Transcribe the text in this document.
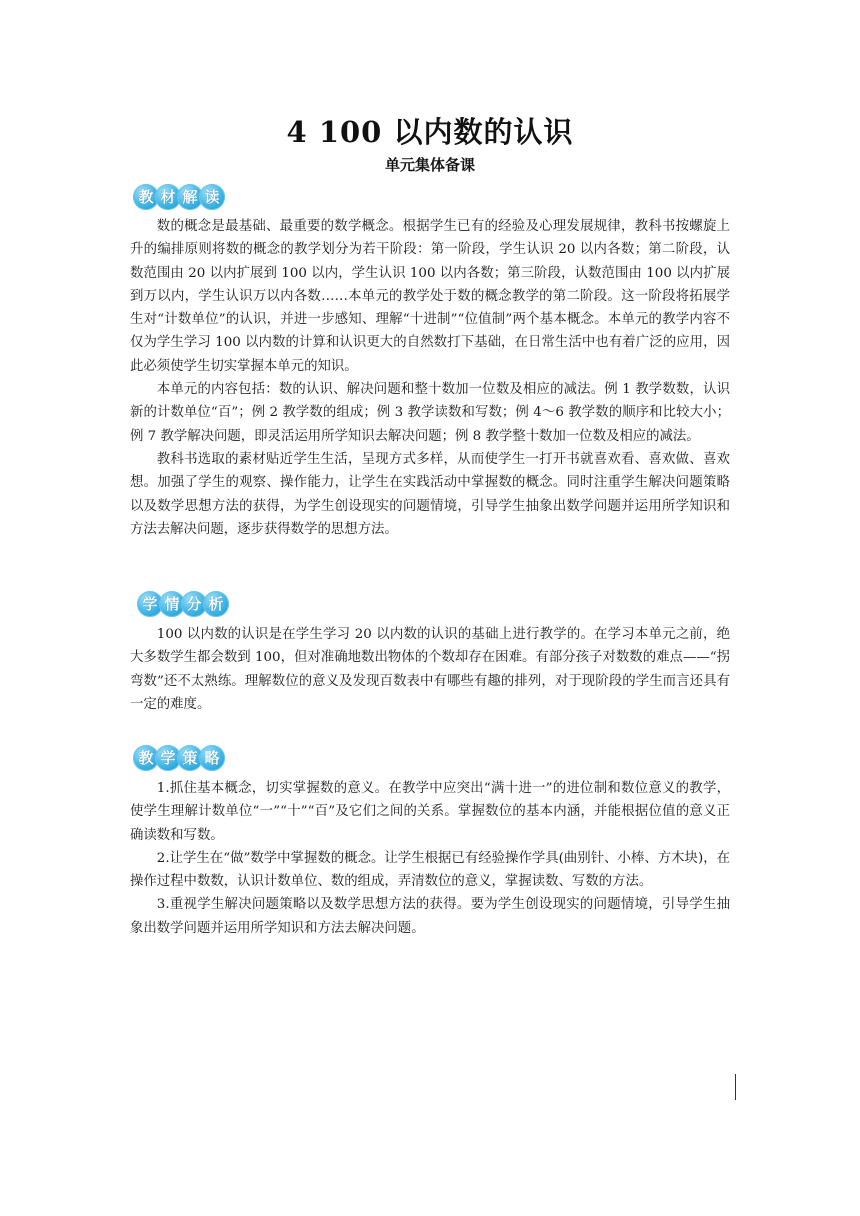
4 100 以内数的认识
单元集体备课
教 材 解 读

数的概念是最基础、最重要的数学概念。根据学生已有的经验及心理发展规律，教科书按螺旋上升的编排原则将数的概念的教学划分为若干阶段：第一阶段，学生认识 20 以内各数；第二阶段，认数范围由 20 以内扩展到 100 以内，学生认识 100 以内各数；第三阶段，认数范围由 100 以内扩展到万以内，学生认识万以内各数……本单元的教学处于数的概念教学的第二阶段。这一阶段将拓展学生对“计数单位”的认识，并进一步感知、理解“十进制”“位值制”两个基本概念。本单元的教学内容不仅为学生学习 100 以内数的计算和认识更大的自然数打下基础，在日常生活中也有着广泛的应用，因此必须使学生切实掌握本单元的知识。

本单元的内容包括：数的认识、解决问题和整十数加一位数及相应的减法。例 1 教学数数，认识新的计数单位“百”；例 2 教学数的组成；例 3 教学读数和写数；例 4～6 教学数的顺序和比较大小；例 7 教学解决问题，即灵活运用所学知识去解决问题；例 8 教学整十数加一位数及相应的减法。

教科书选取的素材贴近学生生活，呈现方式多样，从而使学生一打开书就喜欢看、喜欢做、喜欢想。加强了学生的观察、操作能力，让学生在实践活动中掌握数的概念。同时注重学生解决问题策略以及数学思想方法的获得，为学生创设现实的问题情境，引导学生抽象出数学问题并运用所学知识和方法去解决问题，逐步获得数学的思想方法。

学 情 分 析

100 以内数的认识是在学生学习 20 以内数的认识的基础上进行教学的。在学习本单元之前，绝大多数学生都会数到 100，但对准确地数出物体的个数却存在困难。有部分孩子对数数的难点——“拐弯数”还不太熟练。理解数位的意义及发现百数表中有哪些有趣的排列，对于现阶段的学生而言还具有一定的难度。

教 学 策 略

1.抓住基本概念，切实掌握数的意义。在教学中应突出“满十进一”的进位制和数位意义的教学，使学生理解计数单位“一”“十”“百”及它们之间的关系。掌握数位的基本内涵，并能根据位值的意义正确读数和写数。

2.让学生在“做”数学中掌握数的概念。让学生根据已有经验操作学具(曲别针、小棒、方木块)，在操作过程中数数，认识计数单位、数的组成，弄清数位的意义，掌握读数、写数的方法。

3.重视学生解决问题策略以及数学思想方法的获得。要为学生创设现实的问题情境，引导学生抽象出数学问题并运用所学知识和方法去解决问题。
